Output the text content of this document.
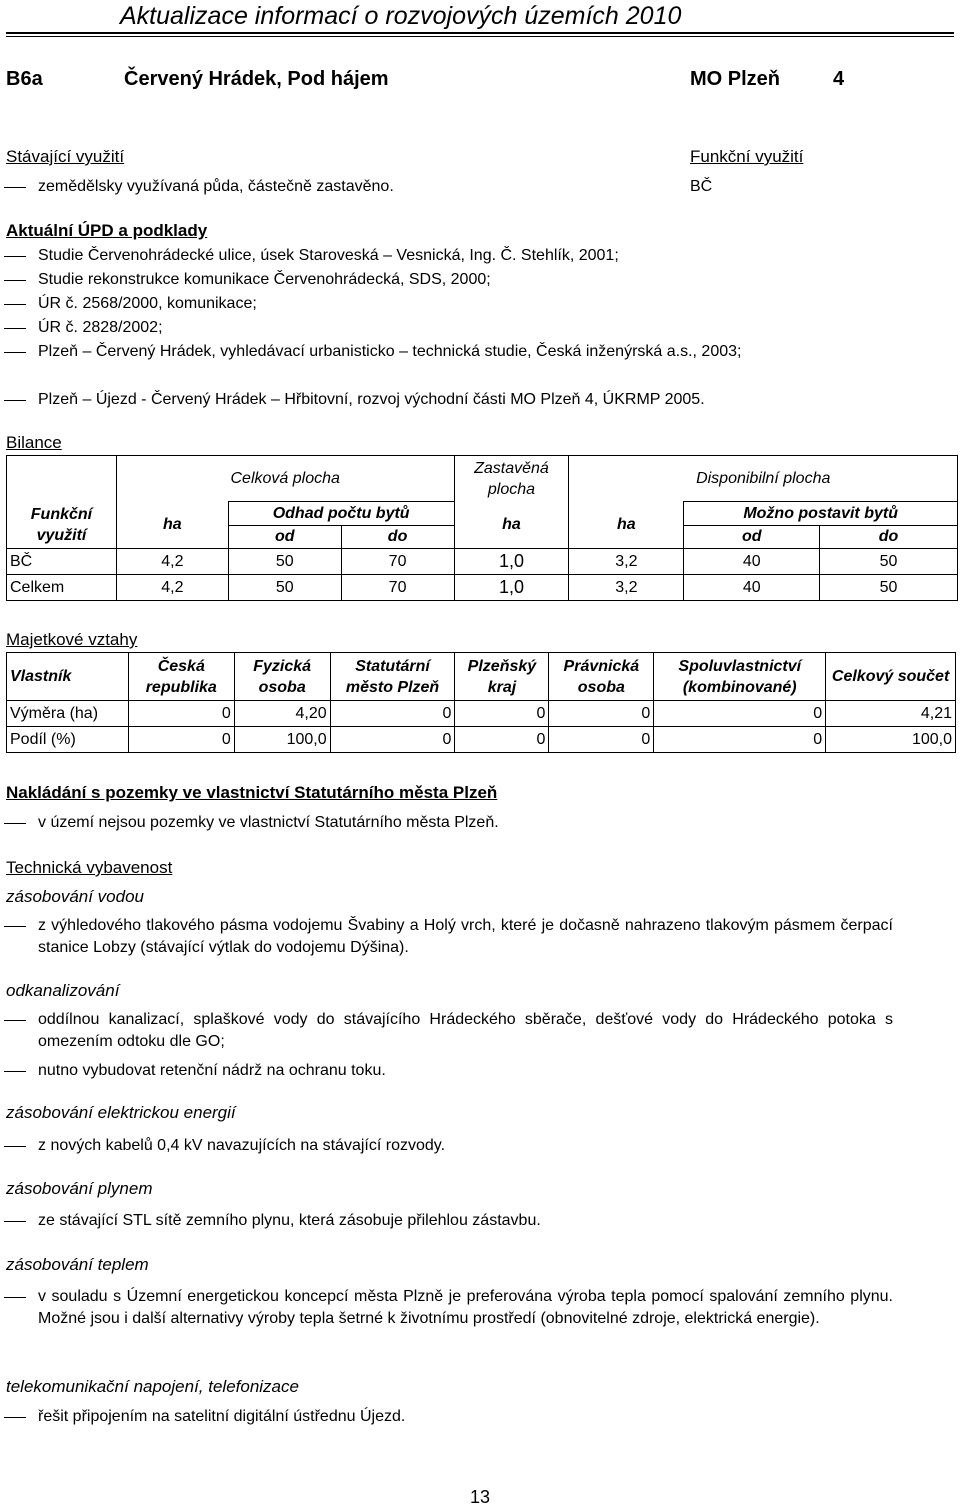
Aktualizace informací o rozvojových územích 2010
B6a	Červený Hrádek, Pod hájem	MO Plzeň	4
Stávající využití	Funkční využití
zemědělsky využívaná půda, částečně zastavěno.	BČ
Aktuální ÚPD a podklady
Studie Červenohrádecké ulice, úsek Staroveská – Vesnická, Ing. Č. Stehlík, 2001;
Studie rekonstrukce komunikace Červenohrádecká, SDS, 2000;
ÚR č. 2568/2000, komunikace;
ÚR č. 2828/2002;
Plzeň – Červený Hrádek, vyhledávací urbanisticko – technická studie, Česká inženýrská a.s., 2003;
Plzeň – Újezd - Červený Hrádek – Hřbitovní, rozvoj východní části MO Plzeň 4, ÚKRMP 2005.
Bilance
	Celková plocha			Zastavěná plocha	Disponibilní plocha		
Funkční využití	ha	Odhad počtu bytů		ha	ha	Možno postavit bytů	
		od	do			od	do
BČ	4,2	50	70	1,0	3,2	40	50
Celkem	4,2	50	70	1,0	3,2	40	50
Majetkové vztahy
Vlastník	Česká republika	Fyzická osoba	Statutární město Plzeň	Plzeňský kraj	Právnická osoba	Spoluvlastnictví (kombinované)	Celkový součet
Výměra (ha)	0	4,20	0	0	0	0	4,21
Podíl (%)	0	100,0	0	0	0	0	100,0
Nakládání s pozemky ve vlastnictví Statutárního města Plzeň
v území nejsou pozemky ve vlastnictví Statutárního města Plzeň.
Technická vybavenost
zásobování vodou
z výhledového tlakového pásma vodojemu Švabiny a Holý vrch, které je dočasně nahrazeno tlakovým pásmem čerpací stanice Lobzy (stávající výtlak do vodojemu Dýšina).
odkanalizování
oddílnou kanalizací, splaškové vody do stávajícího Hrádeckého sběrače, dešťové vody do Hrádeckého potoka s omezením odtoku dle GO;
nutno vybudovat retenční nádrž na ochranu toku.
zásobování elektrickou energií
z nových kabelů 0,4 kV navazujících na stávající rozvody.
zásobování plynem
ze stávající STL sítě zemního plynu, která zásobuje přilehlou zástavbu.
zásobování teplem
v souladu s Územní energetickou koncepcí města Plzně je preferována výroba tepla pomocí spalování zemního plynu. Možné jsou i další alternativy výroby tepla šetrné k životnímu prostředí (obnovitelné zdroje, elektrická energie).
telekomunikační napojení, telefonizace
řešit připojením na satelitní digitální ústřednu Újezd.
13
